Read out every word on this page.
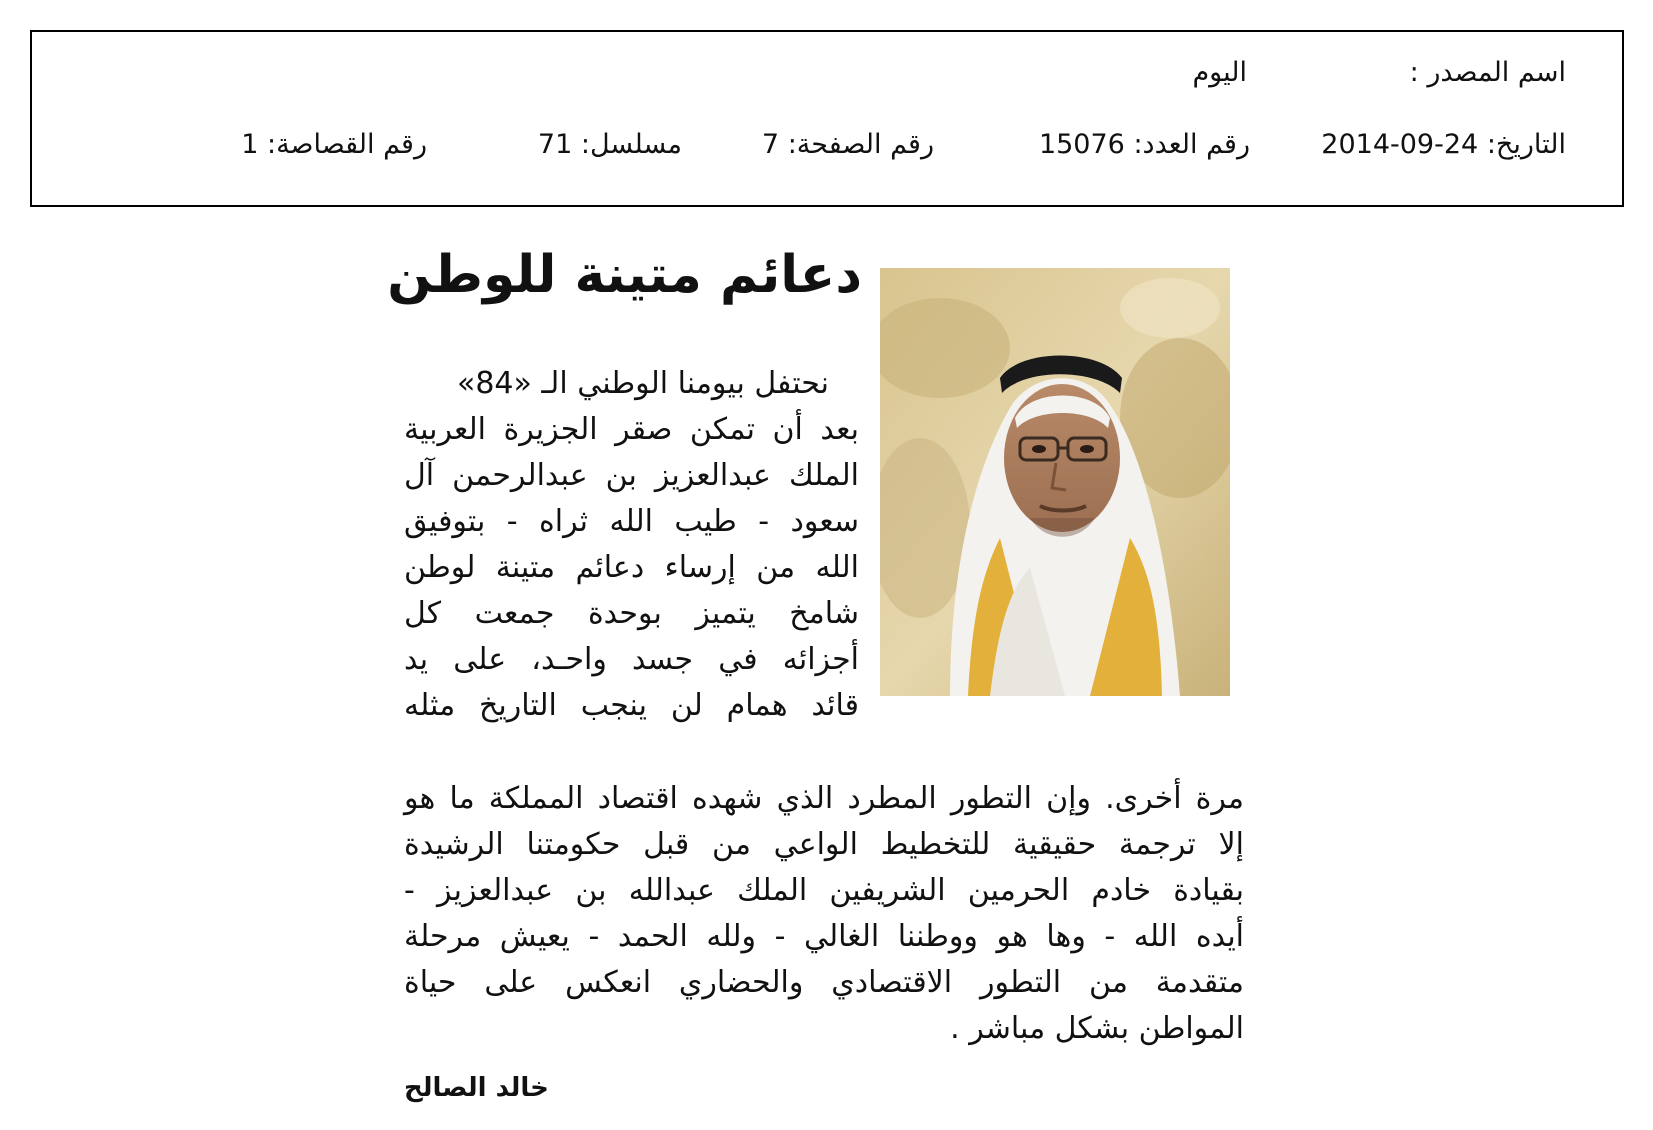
اسم المصدر :
اليوم
التاريخ: 2014-09-24
رقم العدد: 15076
رقم الصفحة: 7
مسلسل: 71
رقم القصاصة: 1
دعائم متينة للوطن
نحتفل بيومنا الوطني الـ «84»
بعد أن تمكن صقر الجزيرة العربية
الملك عبدالعزيز بن عبدالرحمن آل
سعود - طيب الله ثراه - بتوفيق
الله من إرساء دعائم متينة لوطن
شامخ يتميز بوحدة جمعت كل
أجزائه في جسد واحـد، على يد
قائد همام لن ينجب التاريخ مثله
مرة أخرى. وإن التطور المطرد الذي شهده اقتصاد المملكة ما هو
إلا ترجمة حقيقية للتخطيط الواعي من قبل حكومتنا الرشيدة
بقيادة خادم الحرمين الشريفين الملك عبدالله بن عبدالعزيز -
أيده الله - وها هو ووطننا الغالي - ولله الحمد - يعيش مرحلة
متقدمة من التطور الاقتصادي والحضاري انعكس على حياة
المواطن بشكل مباشر .
خالد الصالح
